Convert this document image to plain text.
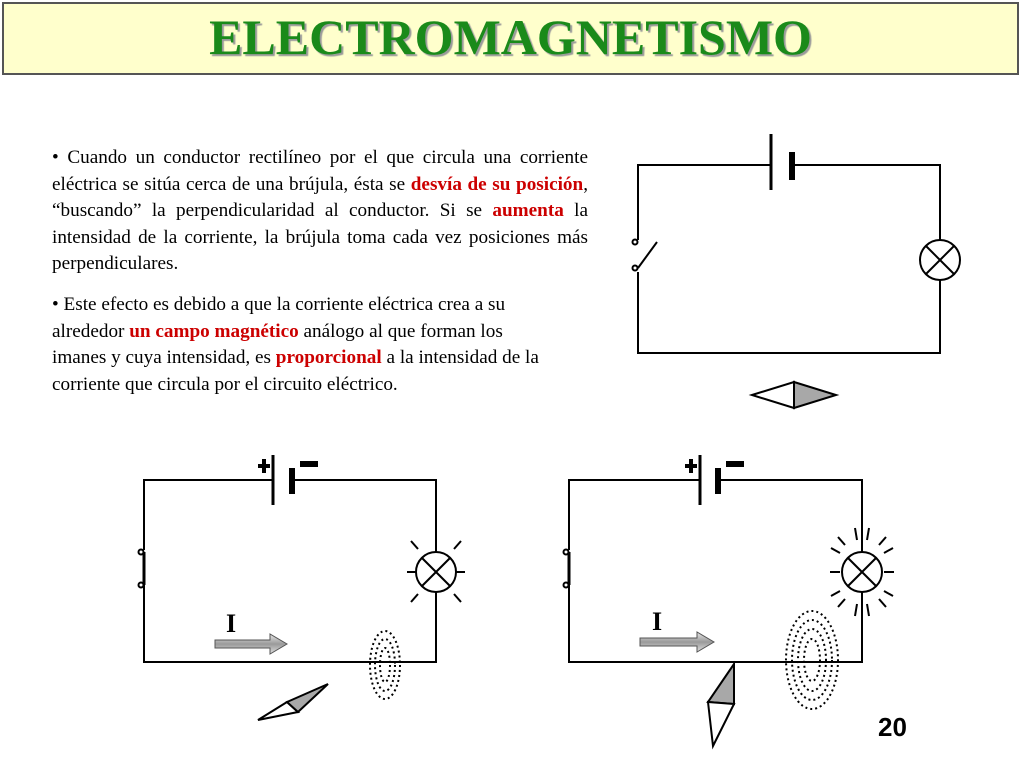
ELECTROMAGNETISMO
• Cuando un conductor rectilíneo por el que circula una corriente eléctrica se sitúa cerca de una brújula, ésta se desvía de su posición, “buscando” la perpendicularidad al conductor. Si se aumenta la intensidad de la corriente, la brújula toma cada vez posiciones más perpendiculares.
• Este efecto es debido a que la corriente eléctrica crea a su alrededor un campo magnético análogo al que forman los imanes y cuya intensidad, es proporcional a la intensidad de la corriente que circula por el circuito eléctrico.
I	I
20
